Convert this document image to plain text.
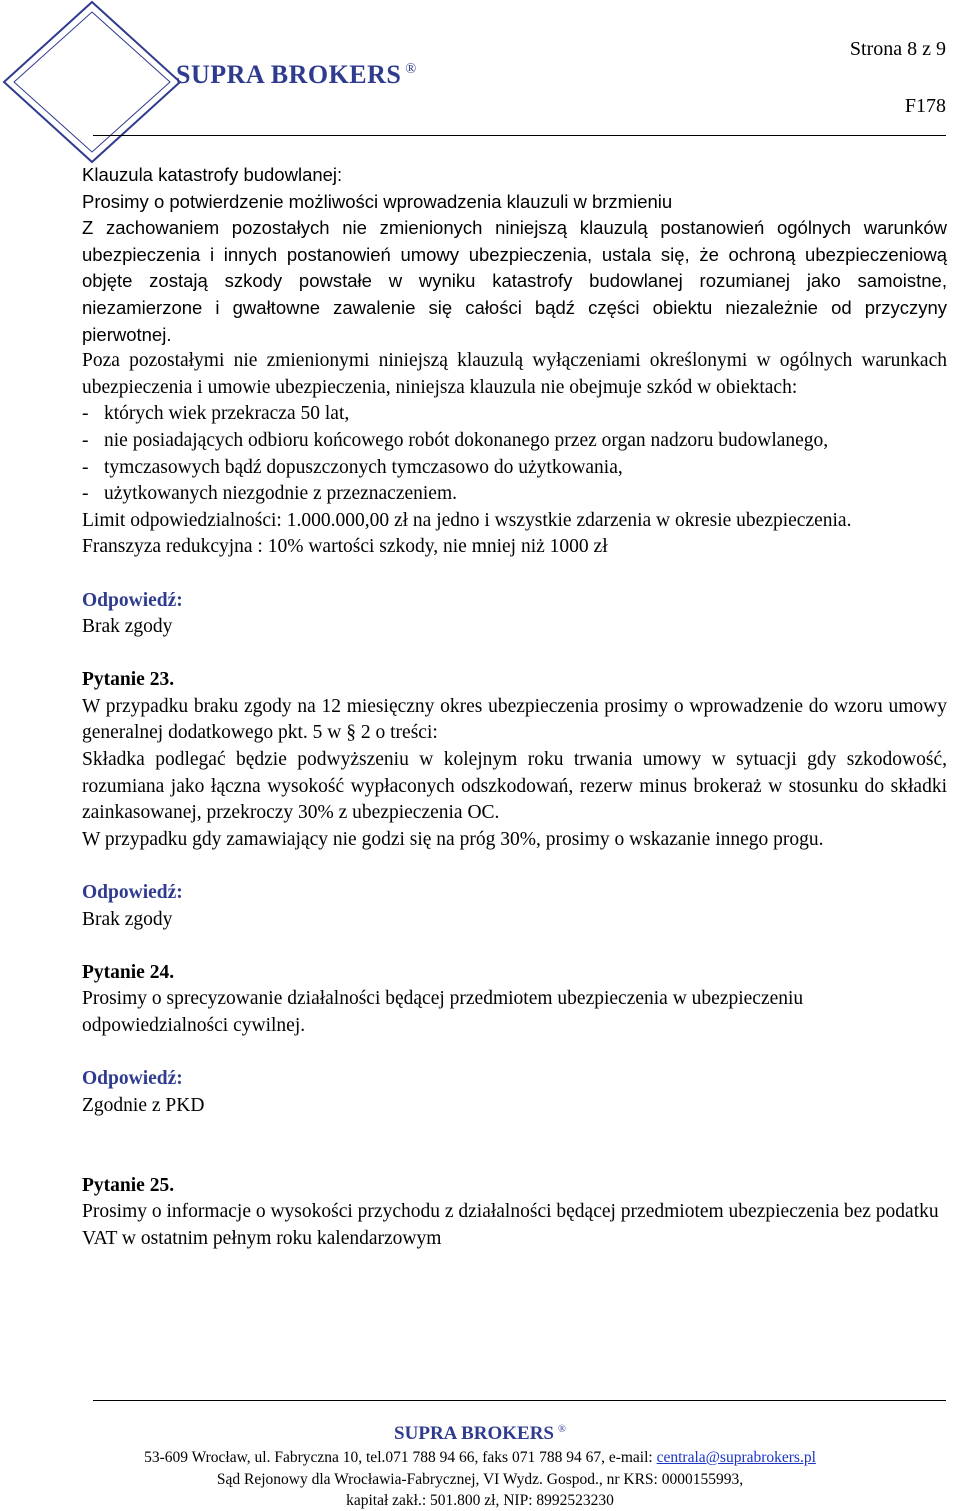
Strona 8 z 9
SUPRA BROKERS ®
F178

Klauzula katastrofy budowlanej:

Prosimy o potwierdzenie możliwości wprowadzenia klauzuli w brzmieniu

Z zachowaniem pozostałych nie zmienionych niniejszą klauzulą postanowień ogólnych warunków ubezpieczenia i innych postanowień umowy ubezpieczenia, ustala się, że ochroną ubezpieczeniową objęte zostają szkody powstałe w wyniku katastrofy budowlanej rozumianej jako samoistne, niezamierzone i gwałtowne zawalenie się całości bądź części obiektu niezależnie od przyczyny pierwotnej.

Poza pozostałymi nie zmienionymi niniejszą klauzulą wyłączeniami określonymi w ogólnych warunkach ubezpieczenia i umowie ubezpieczenia, niniejsza klauzula nie obejmuje szkód w obiektach:

- których wiek przekracza 50 lat,
- nie posiadających odbioru końcowego robót dokonanego przez organ nadzoru budowlanego,
- tymczasowych bądź dopuszczonych tymczasowo do użytkowania,
- użytkowanych niezgodnie z przeznaczeniem.

Limit odpowiedzialności: 1.000.000,00 zł na jedno i wszystkie zdarzenia w okresie ubezpieczenia.

Franszyza redukcyjna : 10% wartości szkody, nie mniej niż 1000 zł

Odpowiedź:

Brak zgody

Pytanie 23.

W przypadku braku zgody na 12 miesięczny okres ubezpieczenia prosimy o wprowadzenie do wzoru umowy generalnej dodatkowego pkt. 5 w § 2 o treści:

Składka podlegać będzie podwyższeniu w kolejnym roku trwania umowy w sytuacji gdy szkodowość, rozumiana jako łączna wysokość wypłaconych odszkodowań, rezerw minus brokeraż w stosunku do składki zainkasowanej, przekroczy 30% z ubezpieczenia OC.

W przypadku gdy zamawiający nie godzi się na próg 30%, prosimy o wskazanie innego progu.

Odpowiedź:

Brak zgody

Pytanie 24.

Prosimy o sprecyzowanie działalności będącej przedmiotem ubezpieczenia w ubezpieczeniu odpowiedzialności cywilnej.

Odpowiedź:

Zgodnie z PKD

Pytanie 25.

Prosimy o informacje o wysokości przychodu z działalności będącej przedmiotem ubezpieczenia bez podatku VAT w ostatnim pełnym roku kalendarzowym

SUPRA BROKERS ®
53-609 Wrocław, ul. Fabryczna 10, tel.071 788 94 66, faks 071 788 94 67, e-mail: centrala@suprabrokers.pl
Sąd Rejonowy dla Wrocławia-Fabrycznej, VI Wydz. Gospod., nr KRS: 0000155993,
kapitał zakł.: 501.800 zł, NIP: 8992523230
